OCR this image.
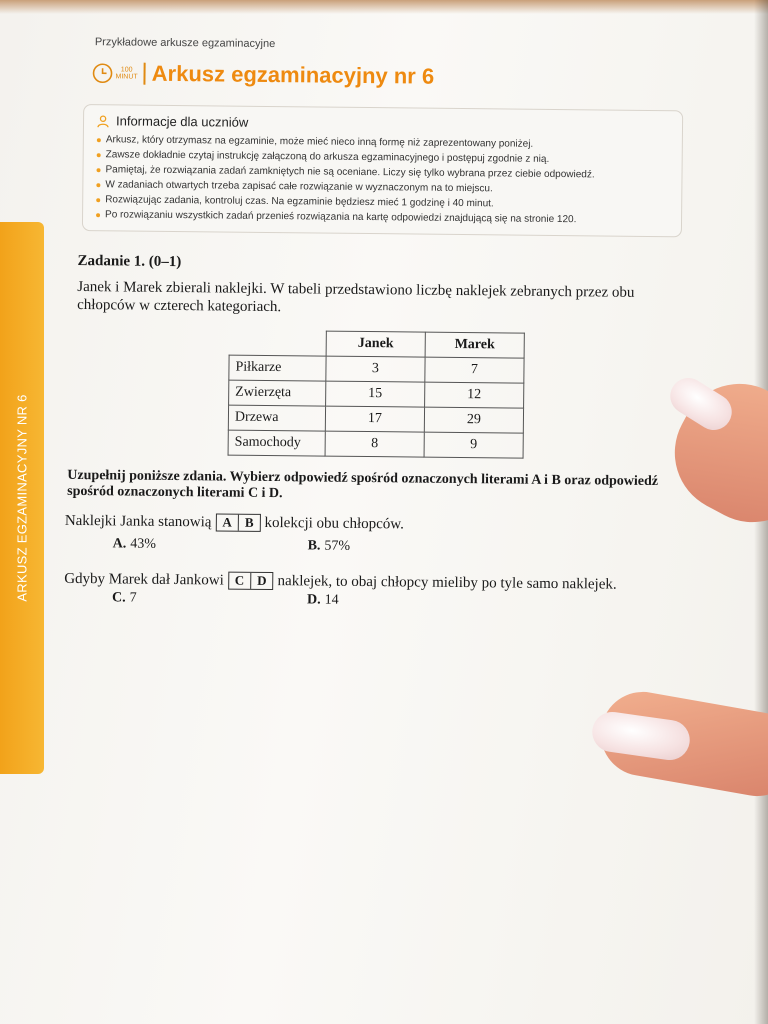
ARKUSZ EGZAMINACYJNY NR 6
Przykładowe arkusze egzaminacyjne
100
MINUT Arkusz egzaminacyjny nr 6
Informacje dla uczniów
Arkusz, który otrzymasz na egzaminie, może mieć nieco inną formę niż zaprezentowany poniżej.
Zawsze dokładnie czytaj instrukcję załączoną do arkusza egzaminacyjnego i postępuj zgodnie z nią.
Pamiętaj, że rozwiązania zadań zamkniętych nie są oceniane. Liczy się tylko wybrana przez ciebie odpowiedź.
W zadaniach otwartych trzeba zapisać całe rozwiązanie w wyznaczonym na to miejscu.
Rozwiązując zadania, kontroluj czas. Na egzaminie będziesz mieć 1 godzinę i 40 minut.
Po rozwiązaniu wszystkich zadań przenieś rozwiązania na kartę odpowiedzi znajdującą się na stronie 120.
Zadanie 1. (0–1)
Janek i Marek zbierali naklejki. W tabeli przedstawiono liczbę naklejek zebranych przez obu chłopców w czterech kategoriach.
	Janek	Marek
Piłkarze	3	7
Zwierzęta	15	12
Drzewa	17	29
Samochody	8	9
Uzupełnij poniższe zdania. Wybierz odpowiedź spośród oznaczonych literami A i B oraz odpowiedź spośród oznaczonych literami C i D.
Naklejki Janka stanowią A B kolekcji obu chłopców.
A. 43%	B. 57%
Gdyby Marek dał Jankowi C D naklejek, to obaj chłopcy mieliby po tyle samo naklejek.
C. 7	D. 14
